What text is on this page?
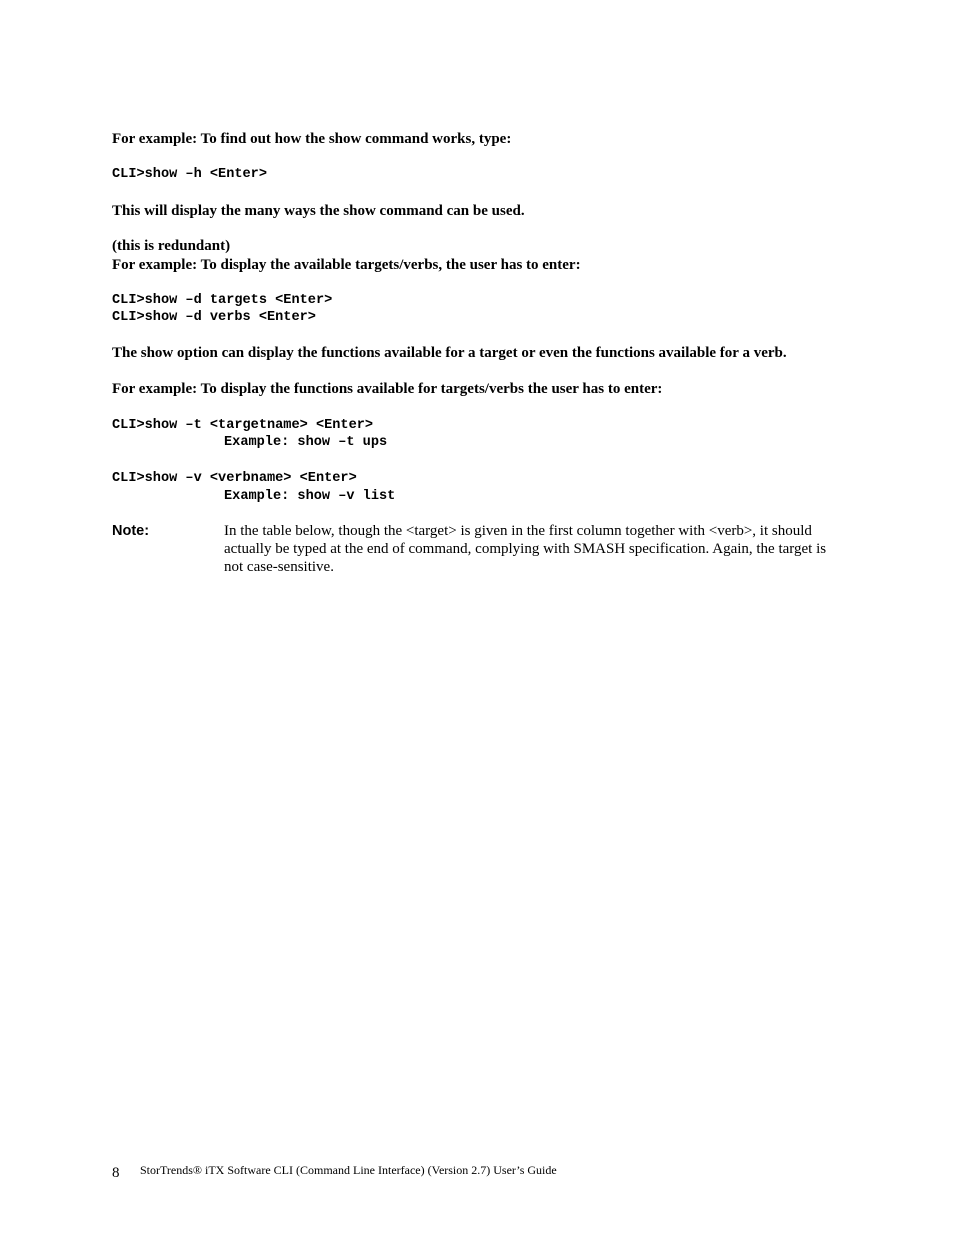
For example: To find out how the show command works, type:
CLI>show –h <Enter>
This will display the many ways the show command can be used.
(this is redundant)
For example: To display the available targets/verbs, the user has to enter:
CLI>show –d targets <Enter>
CLI>show –d verbs <Enter>
The show option can display the functions available for a target or even the functions available for a verb.
For example: To display the functions available for targets/verbs the user has to enter:
CLI>show –t <targetname> <Enter>
Example: show –t ups
CLI>show –v <verbname> <Enter>
Example: show –v list
Note:	In the table below, though the <target> is given in the first column together with <verb>, it should actually be typed at the end of command, complying with SMASH specification. Again, the target is not case-sensitive.
8 StorTrends® iTX Software CLI (Command Line Interface) (Version 2.7) User’s Guide
